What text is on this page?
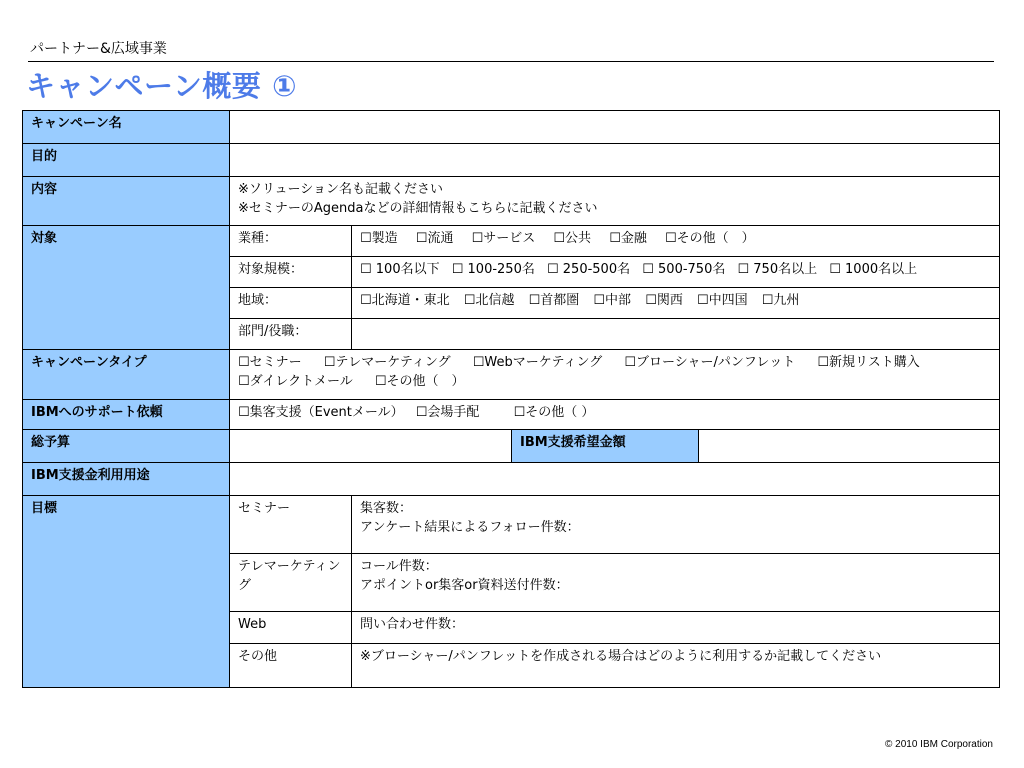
パートナー&広域事業
キャンペーン概要 ①
キャンペーン名				
目的				
内容	※ソリューション名も記載ください
※セミナーのAgendaなどの詳細情報もこちらに記載ください			

対象	業種：	☐製造 ☐流通 ☐サービス ☐公共 ☐金融 ☐その他（　）		
	対象規模：	☐ 100名以下 ☐ 100-250名 ☐ 250-500名 ☐ 500-750名 ☐ 750名以上 ☐ 1000名以上		
	地域：	☐北海道・東北 ☐北信越 ☐首都圏 ☐中部 ☐関西 ☐中四国 ☐九州		
	部門/役職：			
キャンペーンタイプ	☐セミナー ☐テレマーケティング ☐Webマーケティング ☐ブローシャー/パンフレット ☐新規リスト購入
☐ダイレクトメール ☐その他（　）			

IBMへのサポート依頼	☐集客支援（Eventメール） ☐会場手配 ☐その他（ ）			
総予算			IBM支援希望金額	
IBM支援金利用用途				
目標	セミナー	集客数：
アンケート結果によるフォロー件数：		

	テレマーケティング	コール件数：
アポイントor集客or資料送付件数：		

	Web	問い合わせ件数：		

	その他	※ブローシャー/パンフレットを作成される場合はどのように利用するか記載してください		
© 2010 IBM Corporation
